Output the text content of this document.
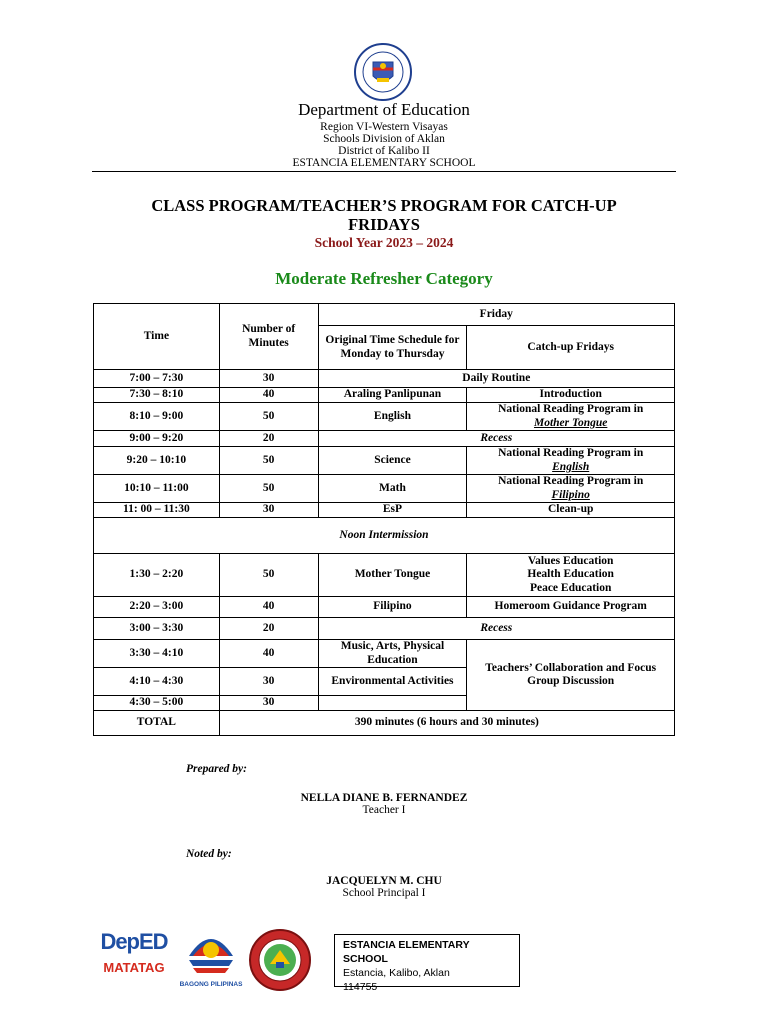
Department of Education
Region VI-Western Visayas
Schools Division of Aklan
District of Kalibo II
ESTANCIA ELEMENTARY SCHOOL
CLASS PROGRAM/TEACHER’S PROGRAM FOR CATCH-UP FRIDAYS
School Year 2023 – 2024
Moderate Refresher Category
Time	Number of Minutes	Friday	
		Original Time Schedule for Monday to Thursday	Catch-up Fridays
7:00 – 7:30	30	Daily Routine	
7:30 – 8:10	40	Araling Panlipunan	Introduction
8:10 – 9:00	50	English	National Reading Program in
Mother Tongue
9:00 – 9:20	20	Recess	
9:20 – 10:10	50	Science	National Reading Program in
English
10:10 – 11:00	50	Math	National Reading Program in
Filipino
11: 00 – 11:30	30	EsP	Clean-up
Noon Intermission			
1:30 – 2:20	50	Mother Tongue	Values Education
Health Education
Peace Education
2:20 – 3:00	40	Filipino	Homeroom Guidance Program
3:00 – 3:30	20	Recess	
3:30 – 4:10	40	Music, Arts, Physical Education	Teachers’ Collaboration and Focus Group Discussion
4:10 – 4:30	30	Environmental Activities	
4:30 – 5:00	30		
TOTAL	390 minutes (6 hours and 30 minutes)		
Prepared by:
NELLA DIANE B. FERNANDEZ
Teacher I
Noted by:
JACQUELYN M. CHU
School Principal I
DepED
MATATAG
BAGONG PILIPINAS
ESTANCIA ELEMENTARY SCHOOL
Estancia, Kalibo, Aklan
114755
